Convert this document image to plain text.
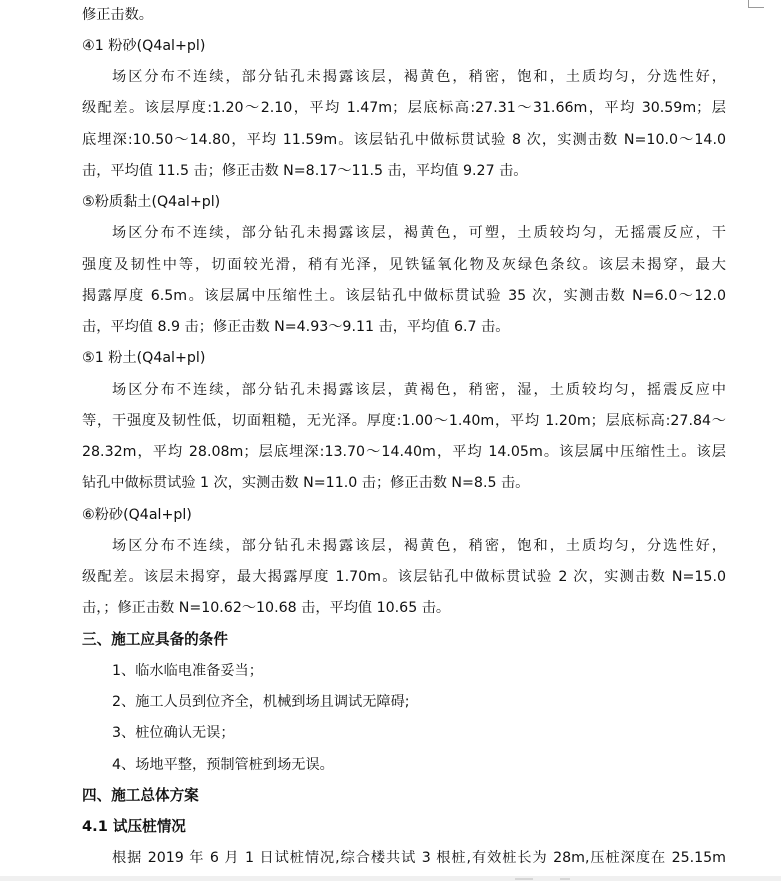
修正击数。
④1 粉砂(Q4al+pl)
场区分布不连续，部分钻孔未揭露该层，褐黄色，稍密，饱和，土质均匀，分选性好，
级配差。该层厚度:1.20～2.10，平均 1.47m；层底标高:27.31～31.66m，平均 30.59m；层
底埋深:10.50～14.80，平均 11.59m。该层钻孔中做标贯试验 8 次，实测击数 N=10.0～14.0
击，平均值 11.5 击；修正击数 N=8.17～11.5 击，平均值 9.27 击。
⑤粉质黏土(Q4al+pl)
场区分布不连续，部分钻孔未揭露该层，褐黄色，可塑，土质较均匀，无摇震反应，干
强度及韧性中等，切面较光滑，稍有光泽，见铁锰氧化物及灰绿色条纹。该层未揭穿，最大
揭露厚度 6.5m。该层属中压缩性土。该层钻孔中做标贯试验 35 次，实测击数 N=6.0～12.0
击，平均值 8.9 击；修正击数 N=4.93～9.11 击，平均值 6.7 击。
⑤1 粉土(Q4al+pl)
场区分布不连续，部分钻孔未揭露该层，黄褐色，稍密，湿，土质较均匀，摇震反应中
等，干强度及韧性低，切面粗糙，无光泽。厚度:1.00～1.40m，平均 1.20m；层底标高:27.84～
28.32m，平均 28.08m；层底埋深:13.70～14.40m，平均 14.05m。该层属中压缩性土。该层
钻孔中做标贯试验 1 次，实测击数 N=11.0 击；修正击数 N=8.5 击。
⑥粉砂(Q4al+pl)
场区分布不连续，部分钻孔未揭露该层，褐黄色，稍密，饱和，土质均匀，分选性好，
级配差。该层未揭穿，最大揭露厚度 1.70m。该层钻孔中做标贯试验 2 次，实测击数 N=15.0
击，；修正击数 N=10.62～10.68 击，平均值 10.65 击。
三、施工应具备的条件
1、临水临电准备妥当；
2、施工人员到位齐全，机械到场且调试无障碍;
3、桩位确认无误；
4、场地平整，预制管桩到场无误。
四、施工总体方案
4.1 试压桩情况
根据 2019 年 6 月 1 日试桩情况,综合楼共试 3 根桩,有效桩长为 28m,压桩深度在 25.15m
